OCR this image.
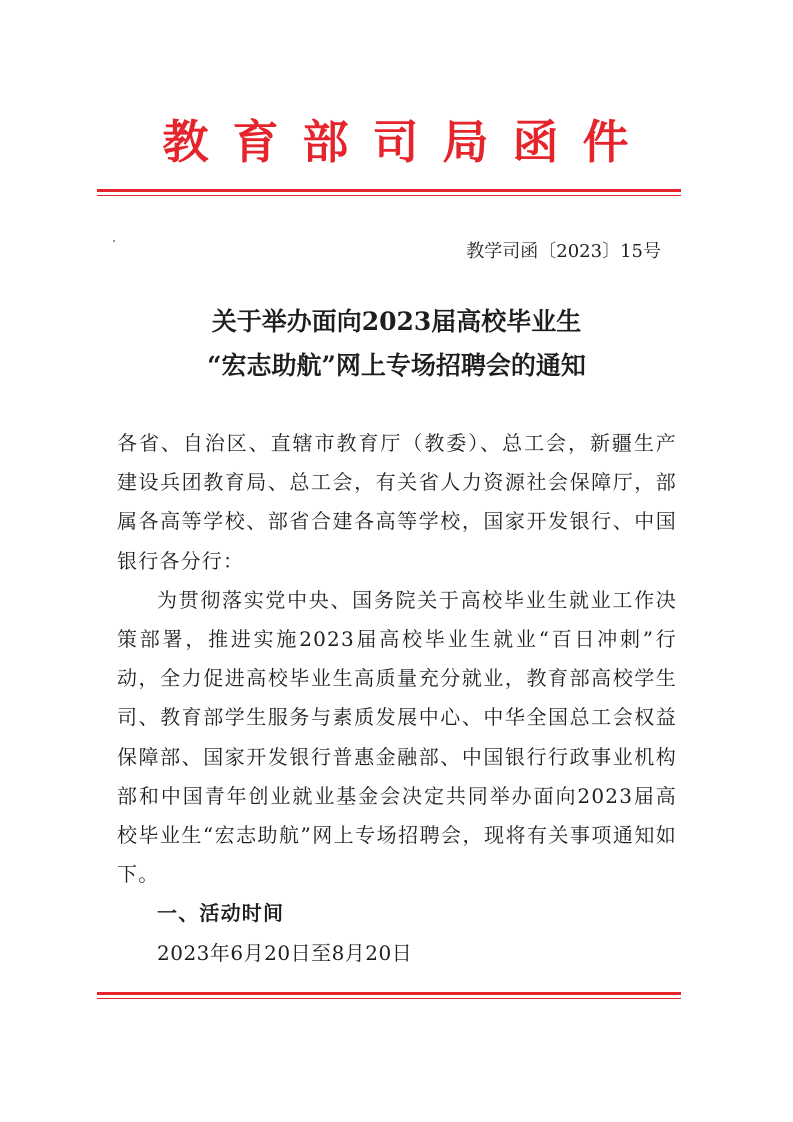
教育部司局函件
教学司函〔2023〕15号
关于举办面向2023届高校毕业生
“宏志助航”网上专场招聘会的通知

各省、自治区、直辖市教育厅（教委）、总工会，新疆生产建设兵团教育局、总工会，有关省人力资源社会保障厅，部属各高等学校、部省合建各高等学校，国家开发银行、中国银行各分行：

为贯彻落实党中央、国务院关于高校毕业生就业工作决策部署，推进实施2023届高校毕业生就业“百日冲刺”行动，全力促进高校毕业生高质量充分就业，教育部高校学生司、教育部学生服务与素质发展中心、中华全国总工会权益保障部、国家开发银行普惠金融部、中国银行行政事业机构部和中国青年创业就业基金会决定共同举办面向2023届高校毕业生“宏志助航”网上专场招聘会，现将有关事项通知如下。

一、活动时间

2023年6月20日至8月20日
